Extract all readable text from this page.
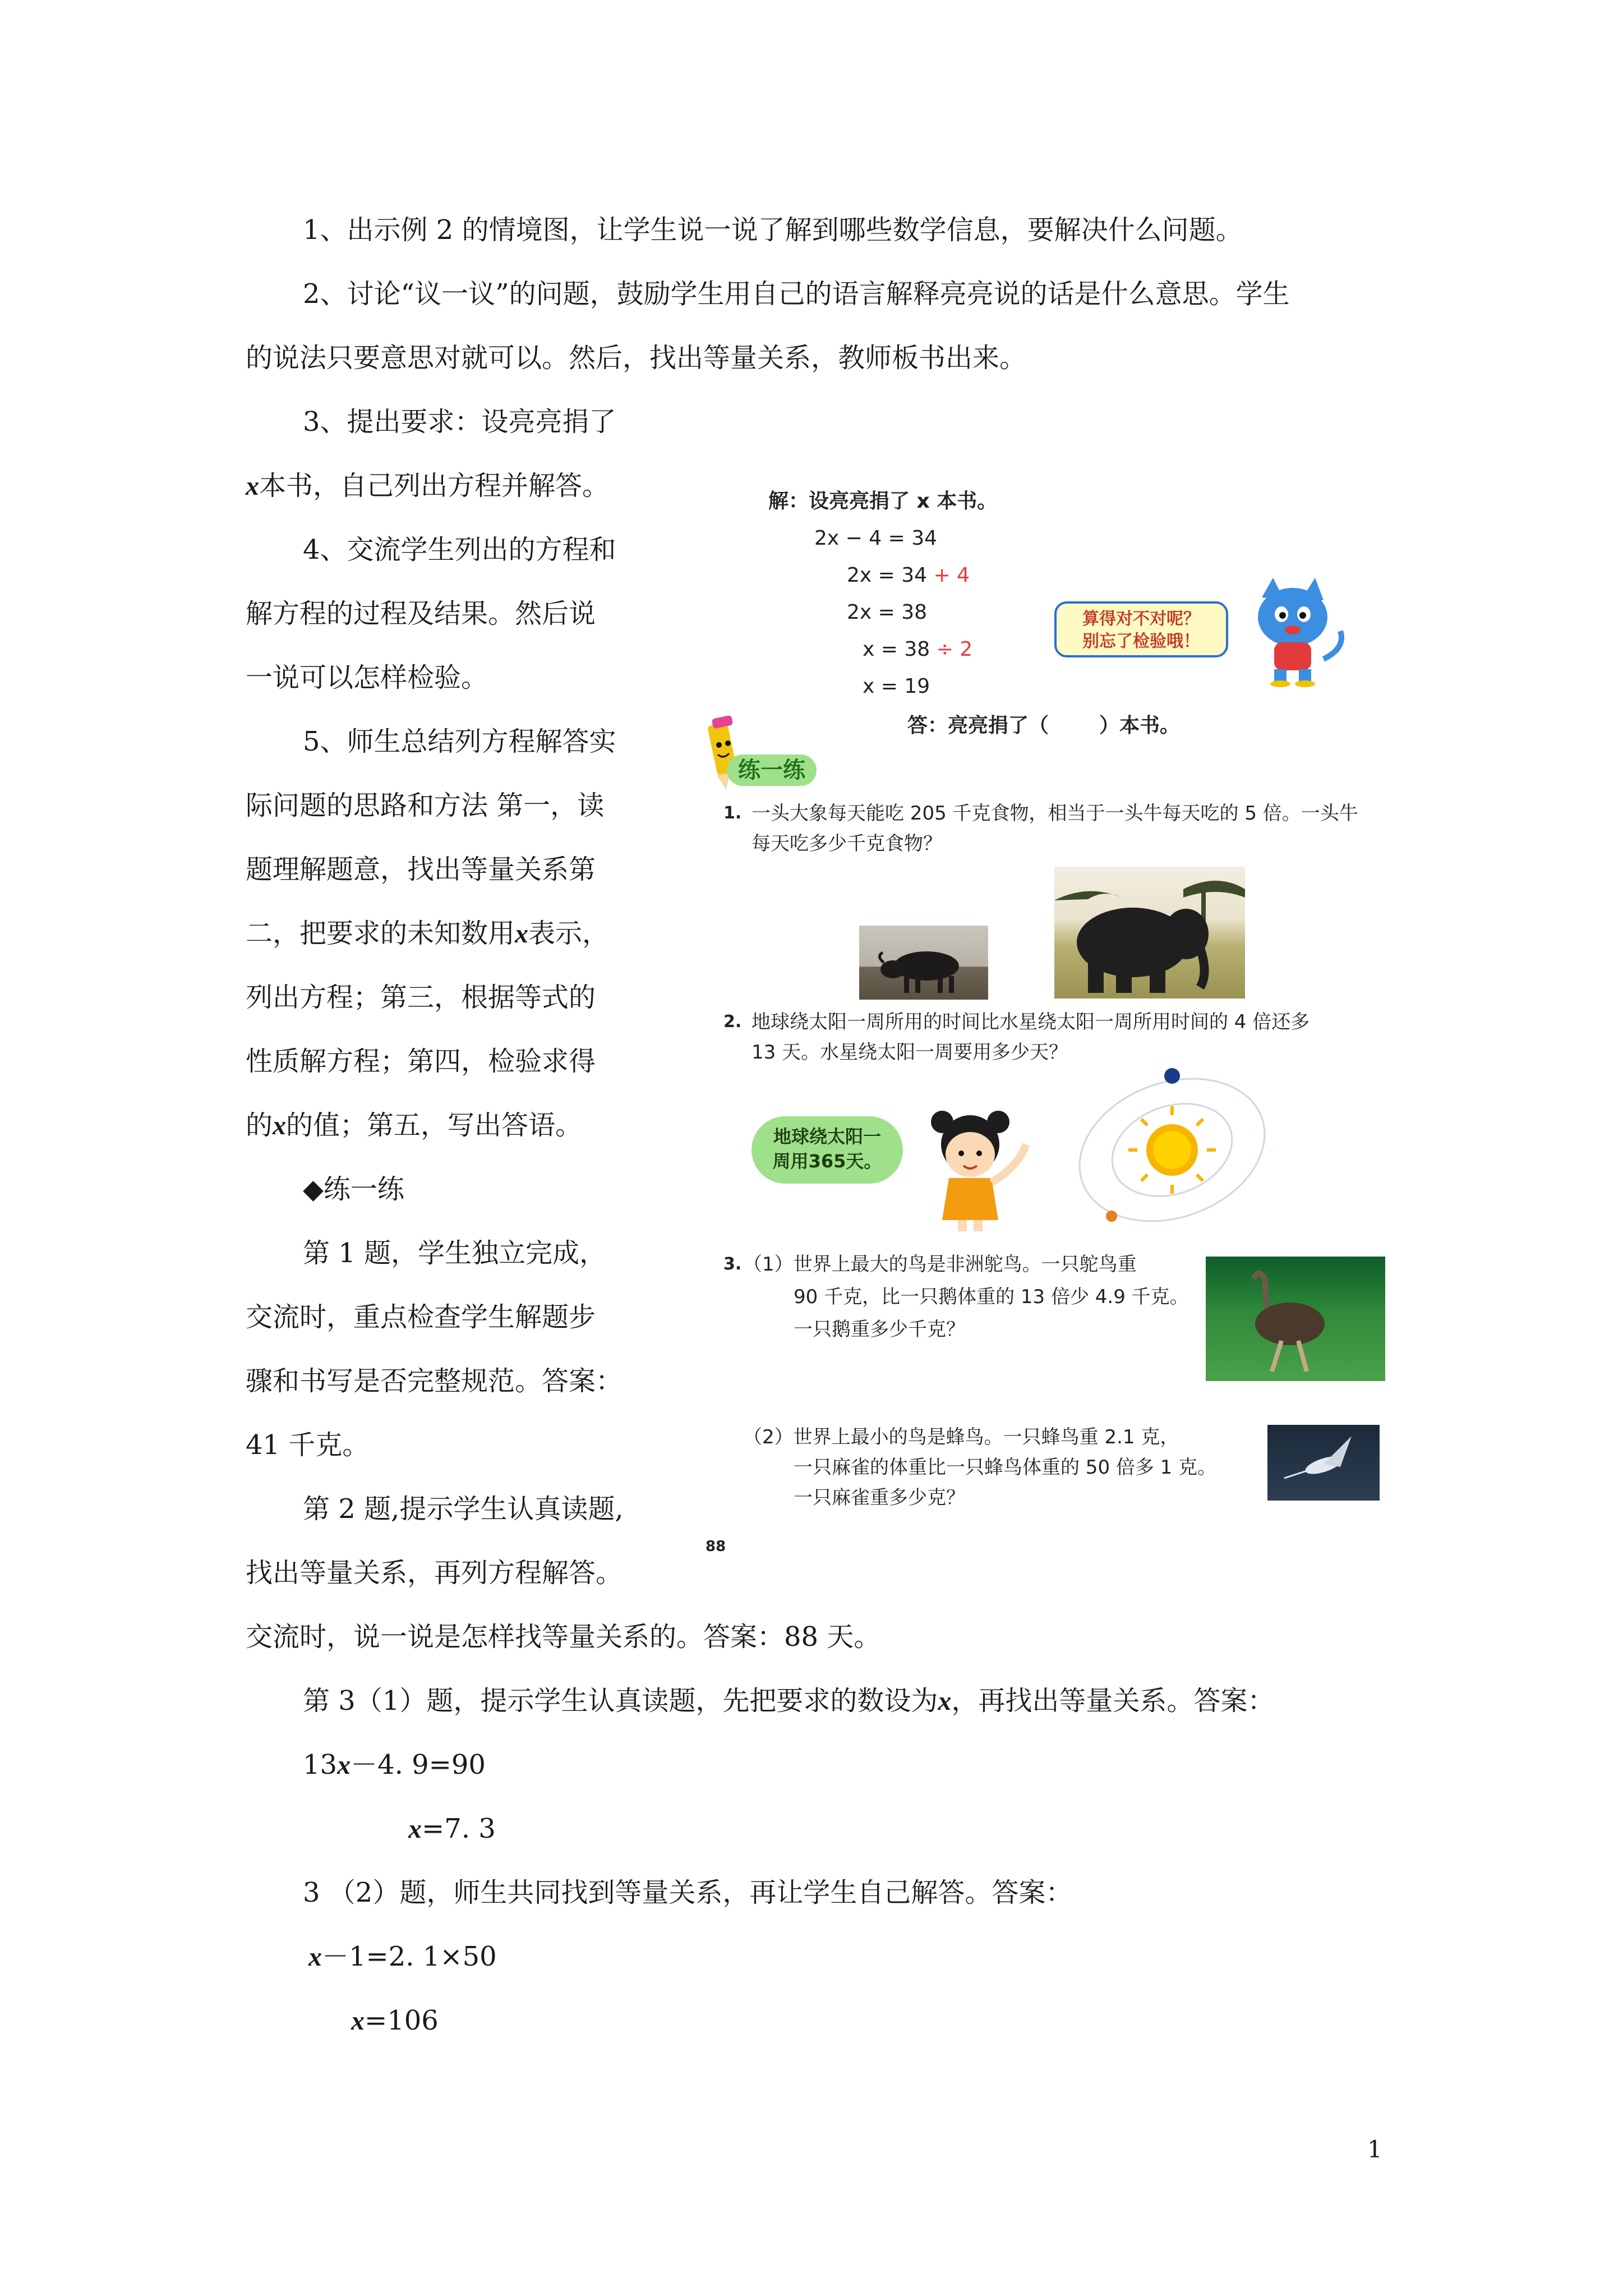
1、出示例 2 的情境图，让学生说一说了解到哪些数学信息，要解决什么问题。
2、讨论“议一议”的问题，鼓励学生用自己的语言解释亮亮说的话是什么意思。学生
的说法只要意思对就可以。然后，找出等量关系，教师板书出来。
3、提出要求：设亮亮捐了
x本书，自己列出方程并解答。
4、交流学生列出的方程和
解方程的过程及结果。然后说
一说可以怎样检验。
5、师生总结列方程解答实
际问题的思路和方法 第一，读
题理解题意，找出等量关系第
二，把要求的未知数用x表示，
列出方程；第三，根据等式的
性质解方程；第四，检验求得
的x的值；第五，写出答语。
◆练一练
第 1 题，学生独立完成，
交流时，重点检查学生解题步
骤和书写是否完整规范。答案：
41 千克。
第 2 题,提示学生认真读题,
找出等量关系，再列方程解答。
交流时，说一说是怎样找等量关系的。答案：88 天。
第 3（1）题，提示学生认真读题，先把要求的数设为x，再找出等量关系。答案：
13x－4. 9=90
x=7. 3
3 （2）题，师生共同找到等量关系，再让学生自己解答。答案：
x－1=2. 1×50
x=106
1
解：设亮亮捐了 x 本书。
2x − 4 = 34
2x = 34 + 4
2x = 38
x = 38 ÷ 2
x = 19
答：亮亮捐了（	）本书。
算得对不对呢？
别忘了检验哦！
练一练
1. 一头大象每天能吃 205 千克食物，相当于一头牛每天吃的 5 倍。一头牛
每天吃多少千克食物？
2. 地球绕太阳一周所用的时间比水星绕太阳一周所用时间的 4 倍还多
13 天。水星绕太阳一周要用多少天？
地球绕太阳一
周用365天。
3. （1）世界上最大的鸟是非洲鸵鸟。一只鸵鸟重
90 千克，比一只鹅体重的 13 倍少 4.9 千克。
一只鹅重多少千克？
（2）世界上最小的鸟是蜂鸟。一只蜂鸟重 2.1 克，
一只麻雀的体重比一只蜂鸟体重的 50 倍多 1 克。
一只麻雀重多少克？
88
